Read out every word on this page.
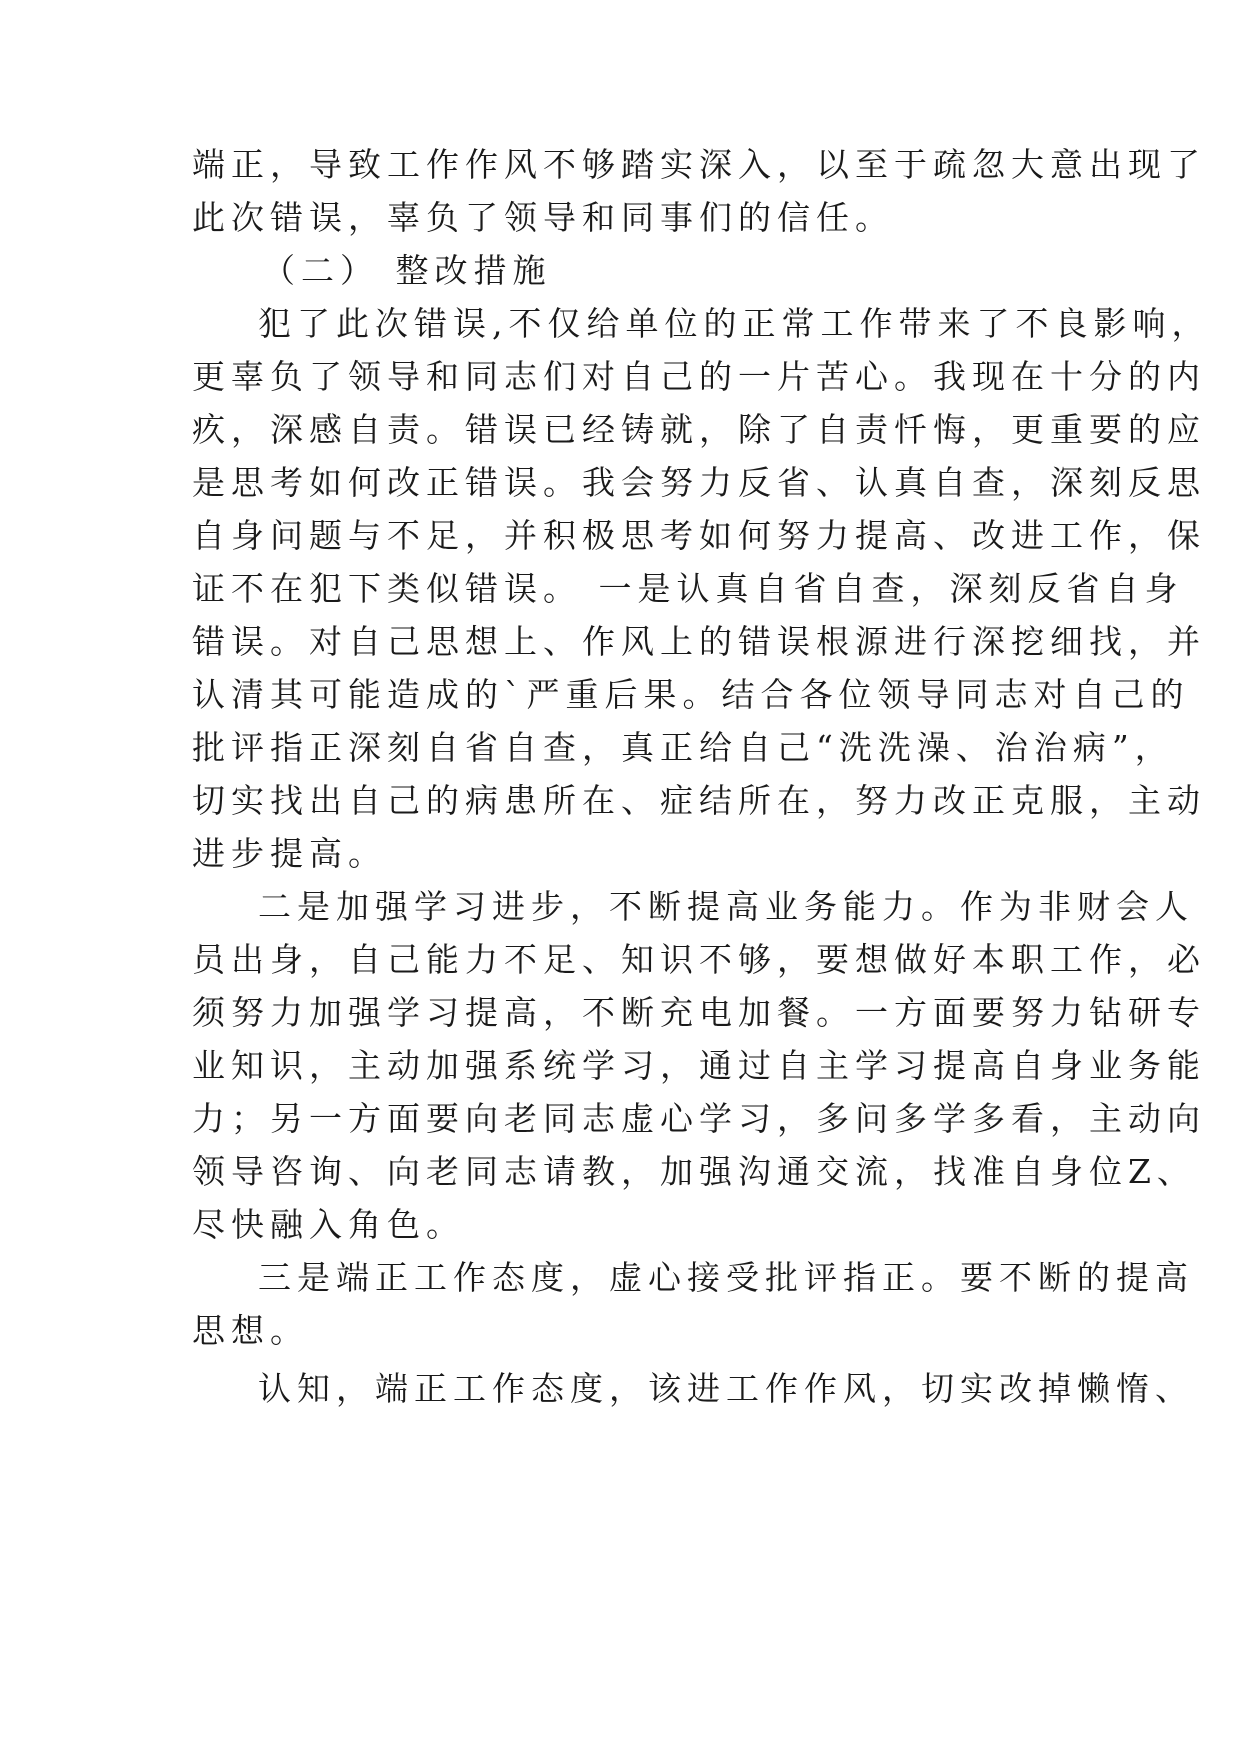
端正，导致工作作风不够踏实深入，以至于疏忽大意出现了
此次错误，辜负了领导和同事们的信任。
（二） 整改措施
犯了此次错误,不仅给单位的正常工作带来了不良影响，
更辜负了领导和同志们对自己的一片苦心。我现在十分的内
疚，深感自责。错误已经铸就，除了自责忏悔，更重要的应
是思考如何改正错误。我会努力反省、认真自查，深刻反思
自身问题与不足，并积极思考如何努力提高、改进工作，保
证不在犯下类似错误。 一是认真自省自查，深刻反省自身
错误。对自己思想上、作风上的错误根源进行深挖细找，并
认清其可能造成的`严重后果。结合各位领导同志对自己的
批评指正深刻自省自查，真正给自己“洗洗澡、治治病”，
切实找出自己的病患所在、症结所在，努力改正克服，主动
进步提高。
二是加强学习进步，不断提高业务能力。作为非财会人
员出身，自己能力不足、知识不够，要想做好本职工作，必
须努力加强学习提高，不断充电加餐。一方面要努力钻研专
业知识，主动加强系统学习，通过自主学习提高自身业务能
力；另一方面要向老同志虚心学习，多问多学多看，主动向
领导咨询、向老同志请教，加强沟通交流，找准自身位Z、
尽快融入角色。
三是端正工作态度，虚心接受批评指正。要不断的提高
思想。
认知，端正工作态度，该进工作作风，切实改掉懒惰、
